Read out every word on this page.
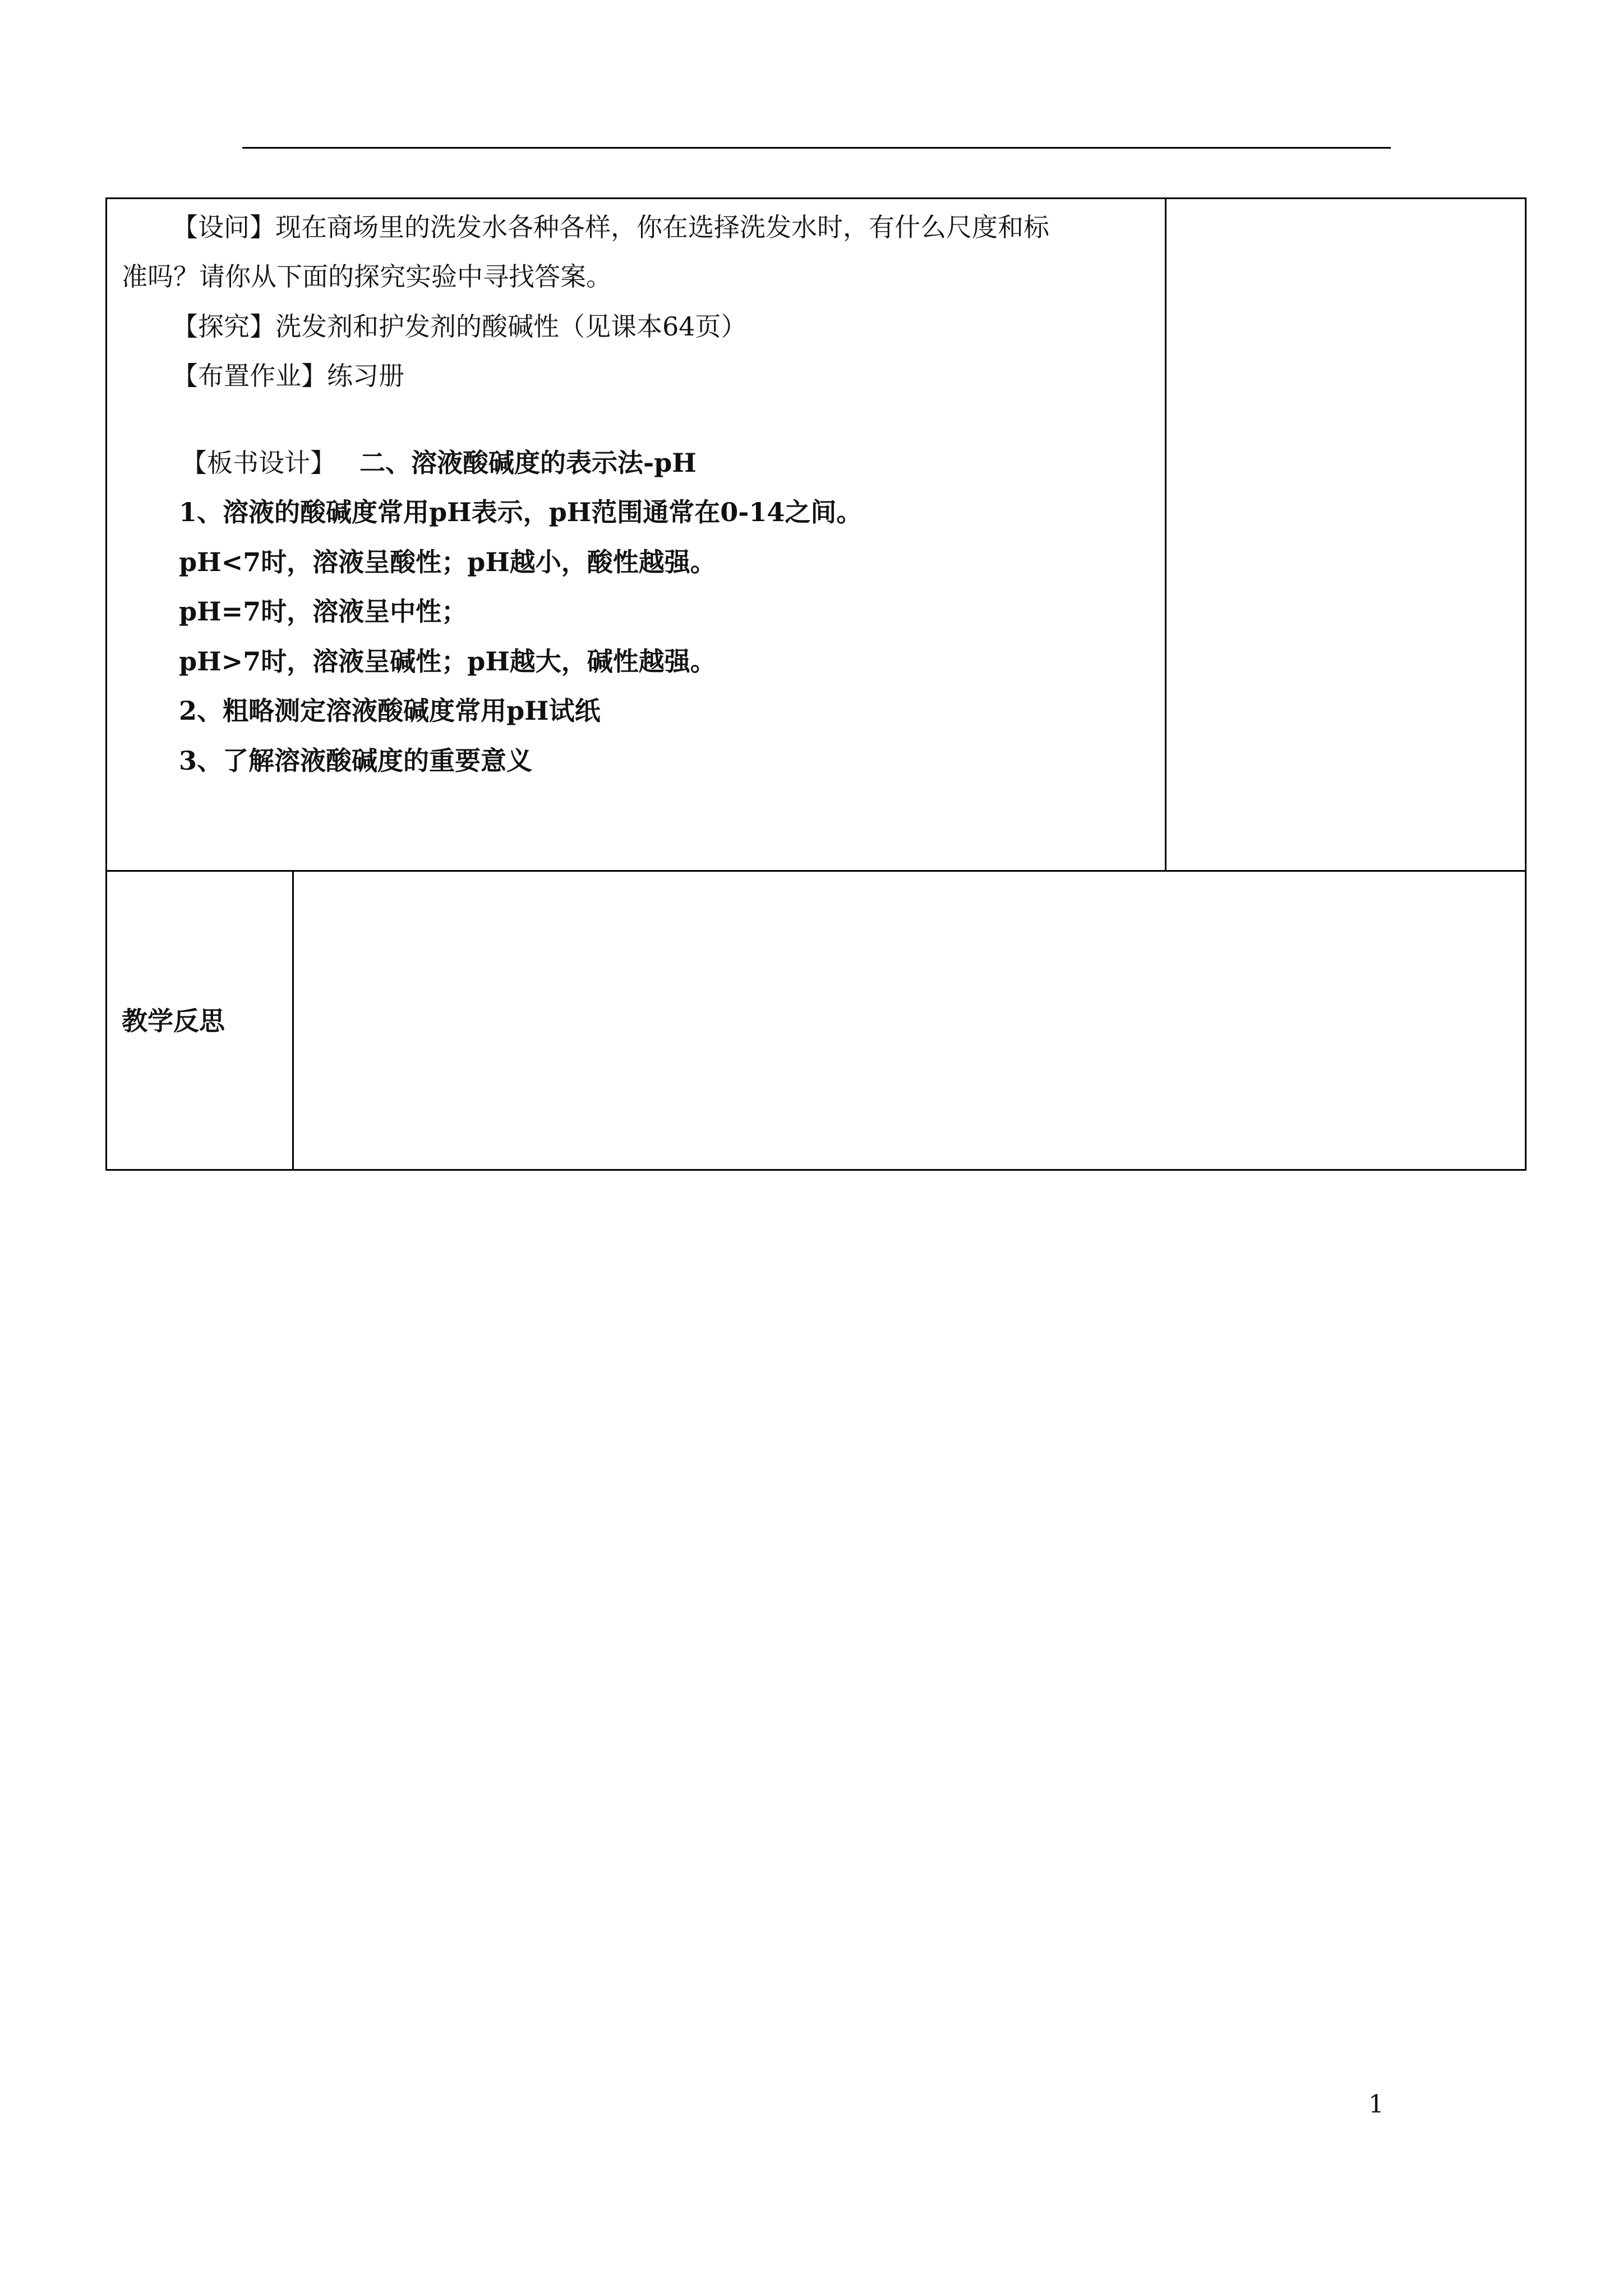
【设问】现在商场里的洗发水各种各样，你在选择洗发水时，有什么尺度和标
准吗？请你从下面的探究实验中寻找答案。
【探究】洗发剂和护发剂的酸碱性（见课本64页）
【布置作业】练习册
【板书设计】 二、溶液酸碱度的表示法-pH
1、溶液的酸碱度常用pH表示，pH范围通常在0-14之间。
pH<7时，溶液呈酸性；pH越小，酸性越强。
pH=7时，溶液呈中性；
pH>7时，溶液呈碱性；pH越大，碱性越强。
2、粗略测定溶液酸碱度常用pH试纸
3、了解溶液酸碱度的重要意义
教学反思
1
